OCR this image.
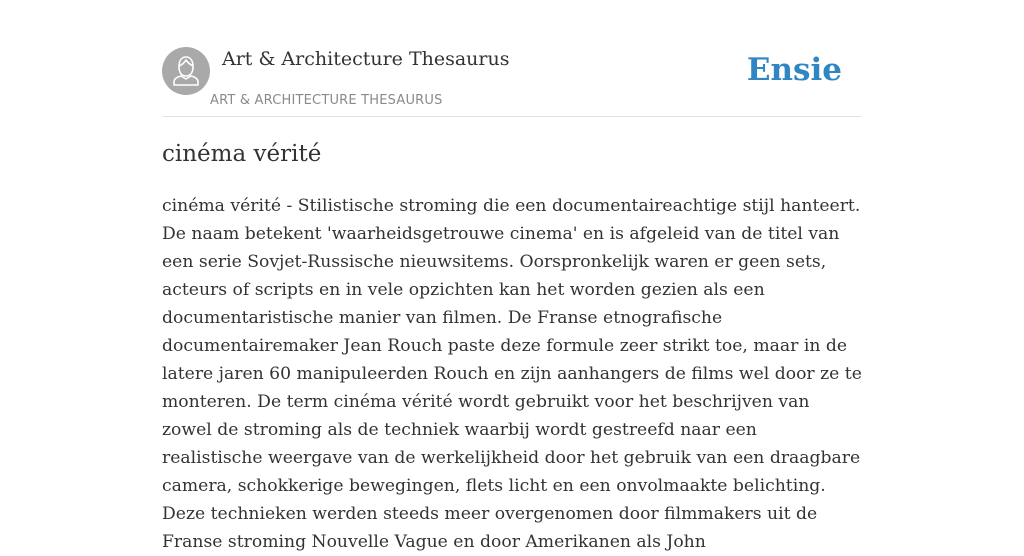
Art & Architecture Thesaurus
ART & ARCHITECTURE THESAURUS
Ensie
cinéma vérité

cinéma vérité - Stilistische stroming die een documentaireachtige stijl hanteert. De naam betekent 'waarheidsgetrouwe cinema' en is afgeleid van de titel van een serie Sovjet-Russische nieuwsitems. Oorspronkelijk waren er geen sets, acteurs of scripts en in vele opzichten kan het worden gezien als een documentaristische manier van filmen. De Franse etnografische documentairemaker Jean Rouch paste deze formule zeer strikt toe, maar in de latere jaren 60 manipuleerden Rouch en zijn aanhangers de films wel door ze te monteren. De term cinéma vérité wordt gebruikt voor het beschrijven van zowel de stroming als de techniek waarbij wordt gestreefd naar een realistische weergave van de werkelijkheid door het gebruik van een draagbare camera, schokkerige bewegingen, flets licht en een onvolmaakte belichting. Deze technieken werden steeds meer overgenomen door filmmakers uit de Franse stroming Nouvelle Vague en door Amerikanen als John
